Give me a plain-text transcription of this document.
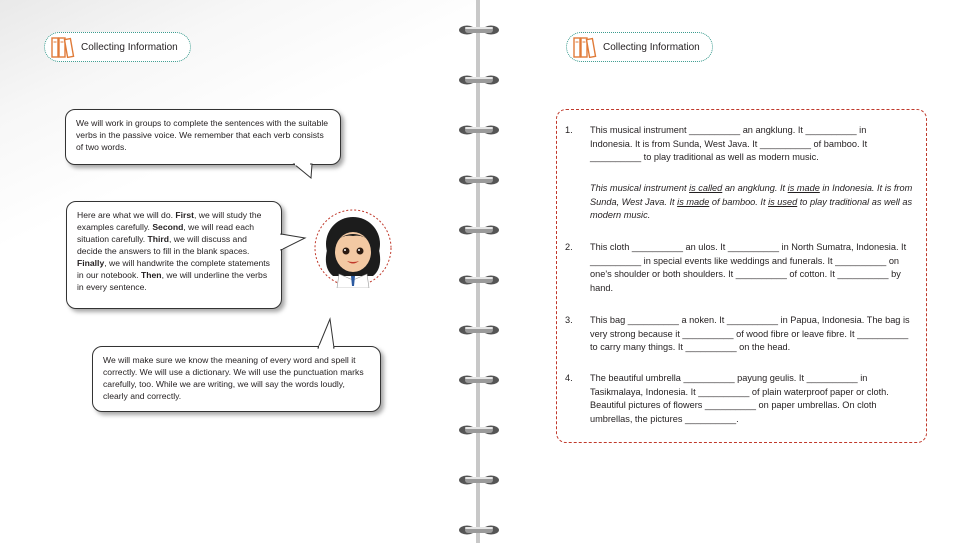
Collecting Information
We will work in groups to complete the sentences with the suitable verbs in the passive voice. We remember that each verb consists of two words.
Here are what we will do. First, we will study the examples carefully. Second, we will read each situation carefully. Third, we will discuss and decide the answers to fill in the blank spaces. Finally, we will handwrite the complete statements in our notebook. Then, we will underline the verbs in every sentence.
We will make sure we know the meaning of every word and spell it correctly. We will use a dictionary. We will use the punctuation marks carefully, too. While we are writing, we will say the words loudly, clearly and correctly.
Collecting Information
1.	This musical instrument __________ an angklung. It __________ in Indonesia. It is from Sunda, West Java. It __________ of bamboo. It __________ to play traditional as well as modern music.
This musical instrument is called an angklung. It is made in Indonesia. It is from Sunda, West Java. It is made of bamboo. It is used to play traditional as well as modern music.
2.	This cloth __________ an ulos. It __________ in North Sumatra, Indonesia. It __________ in special events like weddings and funerals. It __________ on one's shoulder or both shoulders. It __________ of cotton. It __________ by hand.
3.	This bag __________ a noken. It __________ in Papua, Indonesia. The bag is very strong because it __________ of wood fibre or leave fibre. It __________ to carry many things. It __________ on the head.
4.	The beautiful umbrella __________ payung geulis. It __________ in Tasikmalaya, Indonesia. It __________ of plain waterproof paper or cloth. Beautiful pictures of flowers __________ on paper umbrellas. On cloth umbrellas, the pictures __________.
